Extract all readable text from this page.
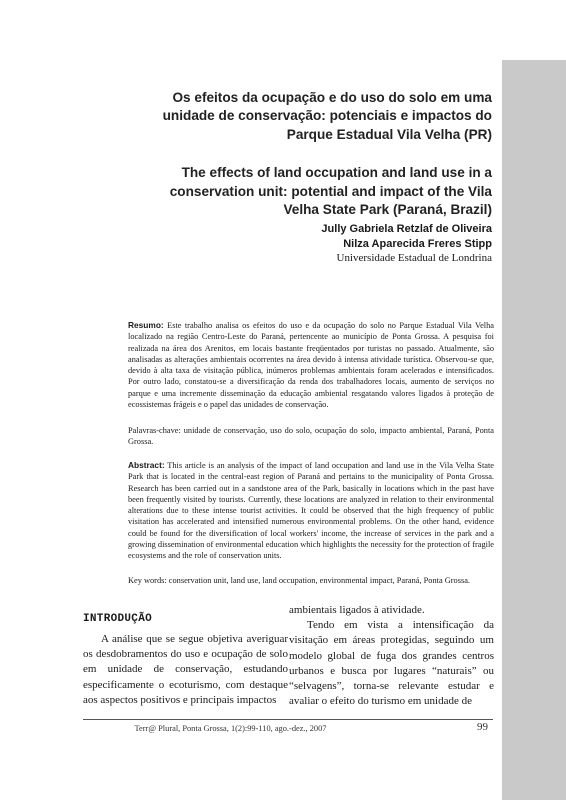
Os efeitos da ocupação e do uso do solo em uma
unidade de conservação: potenciais e impactos do
Parque Estadual Vila Velha (PR)
The effects of land occupation and land use in a
conservation unit: potential and impact of the Vila
Velha State Park (Paraná, Brazil)
Jully Gabriela Retzlaf de Oliveira
Nilza Aparecida Freres Stipp
Universidade Estadual de Londrina
Resumo: Este trabalho analisa os efeitos do uso e da ocupação do solo no Parque Estadual Vila Velha localizado na região Centro-Leste do Paraná, pertencente ao município de Ponta Grossa. A pesquisa foi realizada na área dos Arenitos, em locais bastante freqüentados por turistas no passado. Atualmente, são analisadas as alterações ambientais ocorrentes na área devido à intensa atividade turística. Observou-se que, devido à alta taxa de visitação pública, inúmeros problemas ambientais foram acelerados e intensificados. Por outro lado, constatou-se a diversificação da renda dos trabalhadores locais, aumento de serviços no parque e uma incremente disseminação da educação ambiental resgatando valores ligados à proteção de ecossistemas frágeis e o papel das unidades de conservação.
Palavras-chave: unidade de conservação, uso do solo, ocupação do solo, impacto ambiental, Paraná, Ponta Grossa.
Abstract: This article is an analysis of the impact of land occupation and land use in the Vila Velha State Park that is located in the central-east region of Paraná and pertains to the municipality of Ponta Grossa. Research has been carried out in a sandstone area of the Park, basically in locations which in the past have been frequently visited by tourists. Currently, these locations are analyzed in relation to their environmental alterations due to these intense tourist activities. It could be observed that the high frequency of public visitation has accelerated and intensified numerous environmental problems. On the other hand, evidence could be found for the diversification of local workers' income, the increase of services in the park and a growing dissemination of environmental education which highlights the necessity for the protection of fragile ecosystems and the role of conservation units.
Key words: conservation unit, land use, land occupation, environmental impact, Paraná, Ponta Grossa.
INTRODUÇÃO

A análise que se segue objetiva averiguar os desdobramentos do uso e ocupação de solo em unidade de conservação, estudando especificamente o ecoturismo, com destaque aos aspectos positivos e principais impactos

ambientais ligados à atividade.

Tendo em vista a intensificação da visitação em áreas protegidas, seguindo um modelo global de fuga dos grandes centros urbanos e busca por lugares “naturais” ou “selvagens”, torna-se relevante estudar e avaliar o efeito do turismo em unidade de

Terr@ Plural, Ponta Grossa, 1(2):99-110, ago.-dez., 2007	99
